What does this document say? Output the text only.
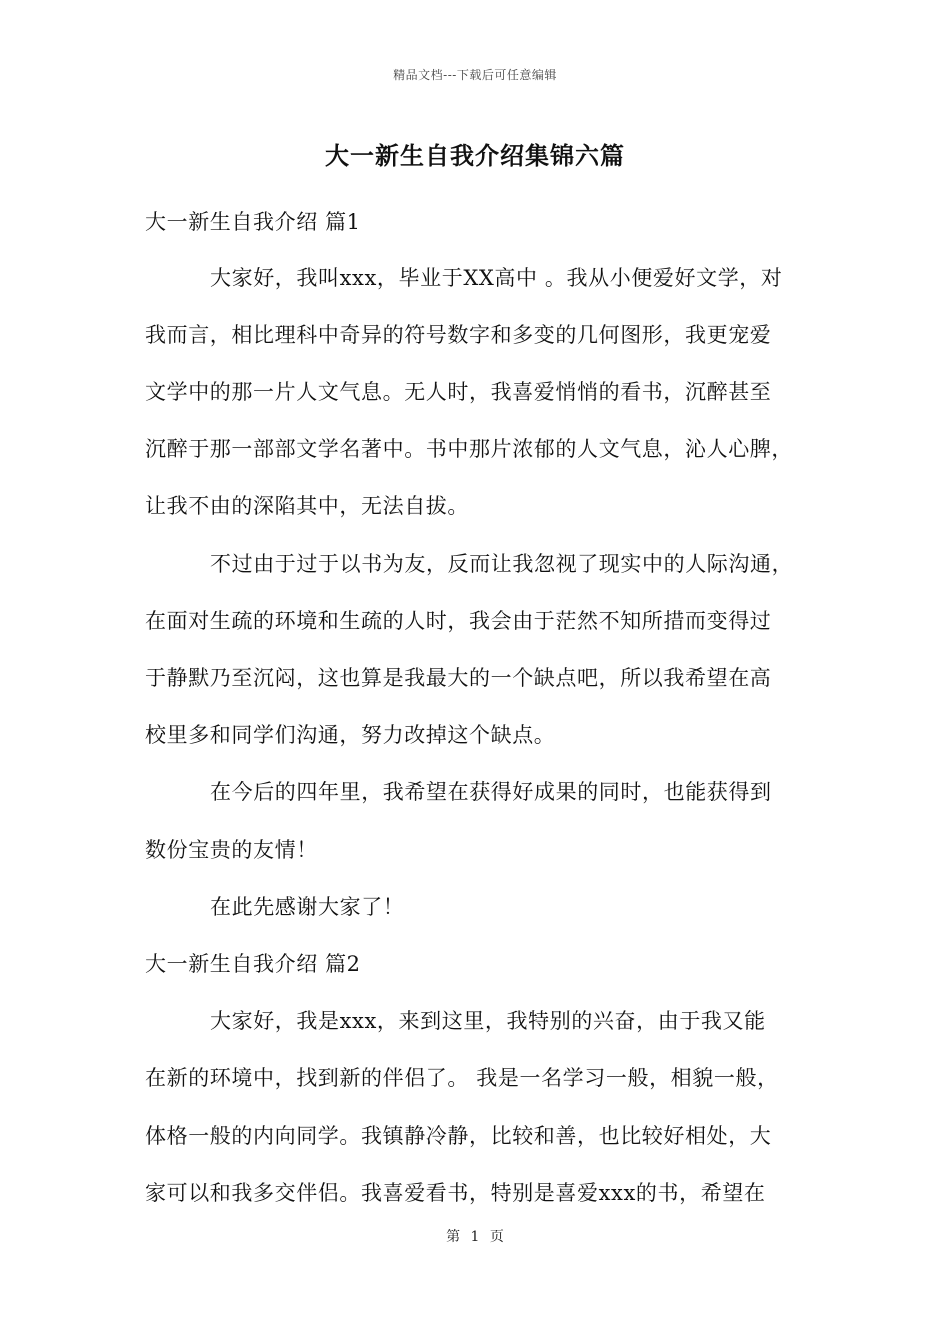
精品文档---下载后可任意编辑
大一新生自我介绍集锦六篇
大一新生自我介绍 篇1
大家好，我叫xxx，毕业于XX高中 。我从小便爱好文学，对
我而言，相比理科中奇异的符号数字和多变的几何图形，我更宠爱
文学中的那一片人文气息。无人时，我喜爱悄悄的看书，沉醉甚至
沉醉于那一部部文学名著中。书中那片浓郁的人文气息，沁人心脾，
让我不由的深陷其中，无法自拔。
不过由于过于以书为友，反而让我忽视了现实中的人际沟通，
在面对生疏的环境和生疏的人时，我会由于茫然不知所措而变得过
于静默乃至沉闷，这也算是我最大的一个缺点吧，所以我希望在高
校里多和同学们沟通，努力改掉这个缺点。
在今后的四年里，我希望在获得好成果的同时，也能获得到
数份宝贵的友情！
在此先感谢大家了！
大一新生自我介绍 篇2
大家好，我是xxx，来到这里，我特别的兴奋，由于我又能
在新的环境中，找到新的伴侣了。 我是一名学习一般，相貌一般，
体格一般的内向同学。我镇静冷静，比较和善，也比较好相处，大
家可以和我多交伴侣。我喜爱看书，特别是喜爱xxx的书，希望在
第 1 页
